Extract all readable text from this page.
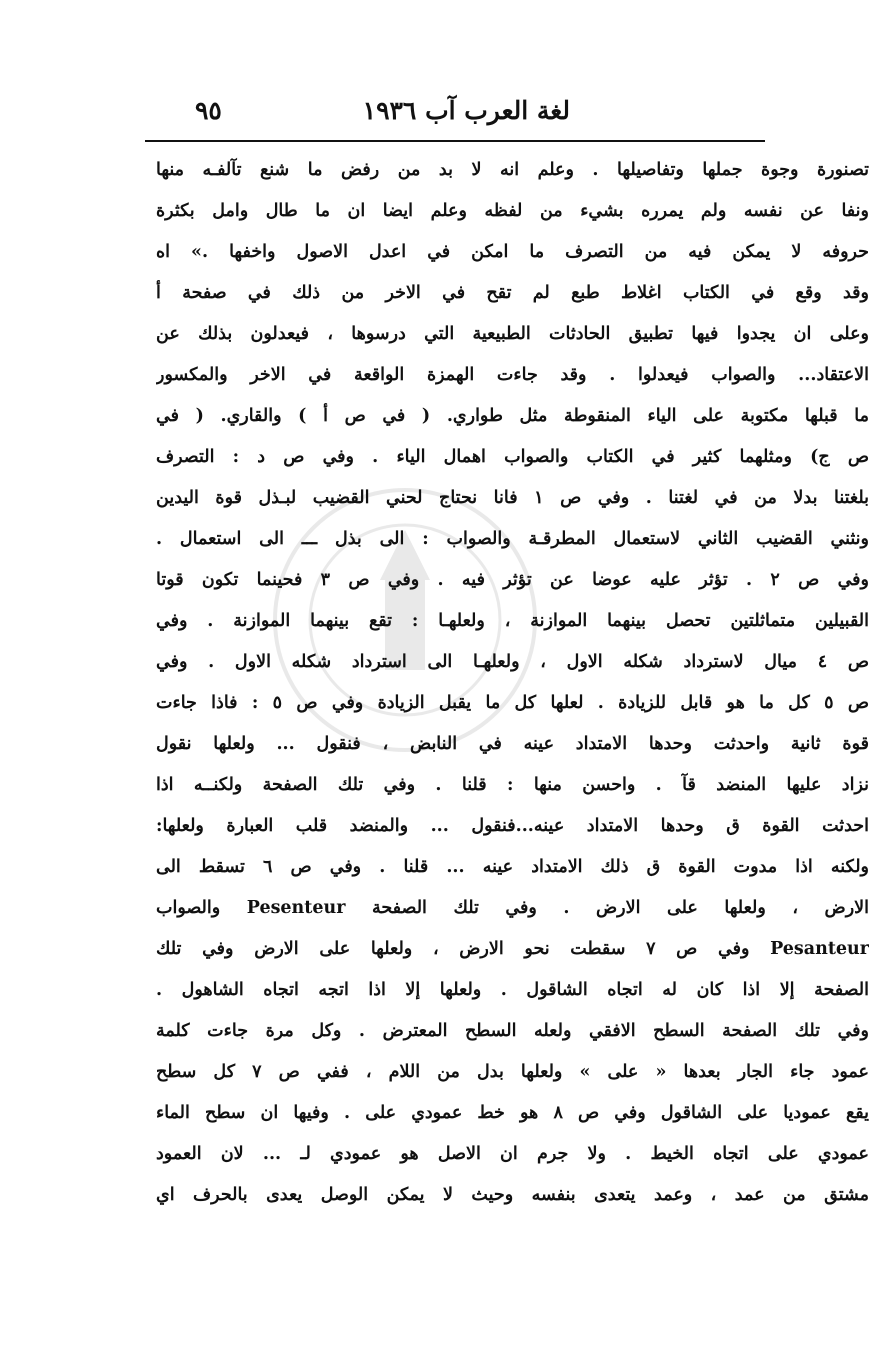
لغة العرب آب ١٩٣٦
٩٥
تصنورة وجوة جملها وتفاصيلها . وعلم انه لا بد من رفض ما شنع تآلفـه منها
ونفا عن نفسه ولم يمرره بشيء من لفظه وعلم ايضا ان ما طال وامل بكثرة
حروفه لا يمكن فيه من التصرف ما امكن في اعدل الاصول واخفها .» اه
وقد وقع في الكتاب اغلاط طبع لم تقح في الاخر من ذلك في صفحة أ
وعلى ان يجدوا فيها تطبيق الحادثات الطبيعية التي درسوها ، فيعدلون بذلك عن
الاعتقاد... والصواب فيعدلوا . وقد جاءت الهمزة الواقعة في الاخر والمكسور
ما قبلها مكتوبة على الياء المنقوطة مثل طواري. ( في ص أ ) والقاري. ( في
ص ج) ومثلهما كثير في الكتاب والصواب اهمال الياء . وفي ص د : التصرف
بلغتنا بدلا من في لغتنا . وفي ص ١ فانا نحتاج لحني القضيب لبـذل قوة اليدين
ونثني القضيب الثاني لاستعمال المطرقـة والصواب : الى بذل ـــ الى استعمال .
وفي ص ٢ . تؤثر عليه عوضا عن تؤثر فيه . وفي ص ٣ فحينما تكون قوتا
القبيلين متماثلتين تحصل بينهما الموازنة ، ولعلهـا : تقع بينهما الموازنة . وفي
ص ٤ ميال لاسترداد شكله الاول ، ولعلهـا الى استرداد شكله الاول . وفي
ص ٥ كل ما هو قابل للزيادة . لعلها كل ما يقبل الزيادة وفي ص ٥ : فاذا جاءت
قوة ثانية واحدثت وحدها الامتداد عينه في النابض ، فنقول ... ولعلها نقول
نزاد عليها المنضد قآ . واحسن منها : قلنا . وفي تلك الصفحة ولكنــه اذا
احدثت القوة ق وحدها الامتداد عينه...فنقول ... والمنضد قلب العبارة ولعلها:
ولكنه اذا مدوت القوة ق ذلك الامتداد عينه ... قلنا . وفي ص ٦ تسقط الى
الارض ، ولعلها على الارض . وفي تلك الصفحة Pesenteur والصواب
Pesanteur وفي ص ٧ سقطت نحو الارض ، ولعلها على الارض وفي تلك
الصفحة إلا اذا كان له اتجاه الشاقول . ولعلها إلا اذا اتجه اتجاه الشاهول .
وفي تلك الصفحة السطح الافقي ولعله السطح المعترض . وكل مرة جاءت كلمة
عمود جاء الجار بعدها « على » ولعلها بدل من اللام ، ففي ص ٧ كل سطح
يقع عموديا على الشاقول وفي ص ٨ هو خط عمودي على . وفيها ان سطح الماء
عمودي على اتجاه الخيط . ولا جرم ان الاصل هو عمودي لـ ... لان العمود
مشتق من عمد ، وعمد يتعدى بنفسه وحيث لا يمكن الوصل يعدى بالحرف اي
